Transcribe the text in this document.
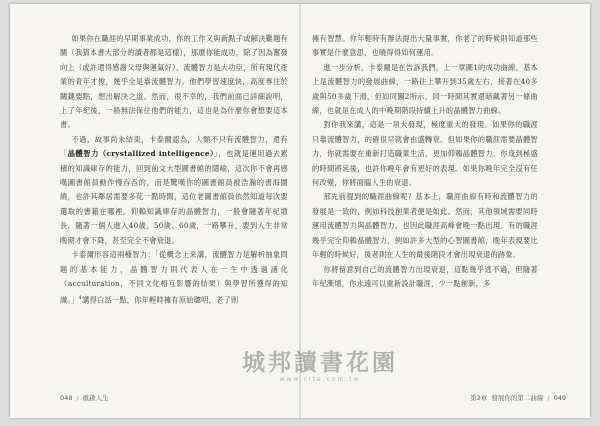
如果你在職涯的早期事業成功，你的工作又與新點子或解決難題有關（我猜本書大部分的讀者都是這樣），那麼你能成功，除了因為奮發向上（或許還得感謝父母與運氣好），流體智力是大功臣，所有現代產業的青年才俊，幾乎全是靠流體智力。他們學習速度快，高度專注於關鍵要點，想出解決之道。然而，很不幸的，我們前面已詳細說明，上了年紀後，一般無法保住他們的能力，這也是為什麼你會想要這本書。

不過，故事尚未結束，卡泰爾認為，人類不只有流體智力，還有「晶體智力（crystallized intelligence）」，也就是運用過去累積的知識庫存的能力，回到前文大型圖書館的隱喻，這次你不會再感嘆圖書館員動作慢吞吞的，而是驚嘆你的圖書館員被浩瀚的書海圍繞，也許其鄰居需要多花一點時間，這位老圖書館員依然知道每次要選取的書籍在哪裡。仰賴知識庫存的晶體智力，一般會隨著年紀增長，隨著一個人進入40歲、50歲、60歲，一路攀升，要到人生非常晚期才會下降，甚至完全不會衰退。

卡泰爾形容這兩種智力：「從概念上來講，流體智力是解析抽象問題的基本能力，晶體智力則代表人在一生中透過涵化（acculturation，不同文化相互影響的結果）與學習所獲得的知識。」$^4$講得白話一點，你年輕時擁有原始聰明，老了則

048 / 重啟人生

擁有智慧。你年輕時有辦法提出大量事實，你老了的時候則知道那些事實是什麼意思，也曉得得如何運用。

進一步分析，卡泰爾是在告訴我們，上一章圖1的成功曲線，基本上是流體智力的發展曲線，一路往上攀升到35歲左右，接著在40多歲與50多歲下滑，但如同圖2所示，同一時間其實還暗藏著另一條曲線，也就是在成人的中晚期階段持續上升的晶體智力曲線。

對你我來講，這是一項大發現，極度重大的發現。如果你的職涯只靠流體智力，的確很早就會由盛轉衰。但如果你的職涯需要晶體智力，你就需要在重新打造職業生活，更加仰賴晶體智力，你逢到極盛的時間將延後，也許你晚年會有更好的表現。如果你晚年完全沒有任何改變，你將面臨人生的衰退。

那先前提到的職涯曲線呢？基本上，職涯曲線有時和流體智力的發展是一致的，例如科技創業者便是如此。然而，其他領域需要同時運用流體智力與晶體智力，也因此職涯高峰會晚一點出現。有的職涯幾乎完全仰賴晶體智力，例如許多大型的心智圖書館，晚年表現要比年輕的時候好，後者則在人生的最後階段才會出現衰退的跡象。

你將留意到自己的流體智力出現衰退，這點幾乎逃不過，但隨著年紀漸增，你永遠可以重新設計職涯，少一點創新，多

第2章 發展你的第二曲線 / 049
城邦讀書花園
www.cite.com.tw
